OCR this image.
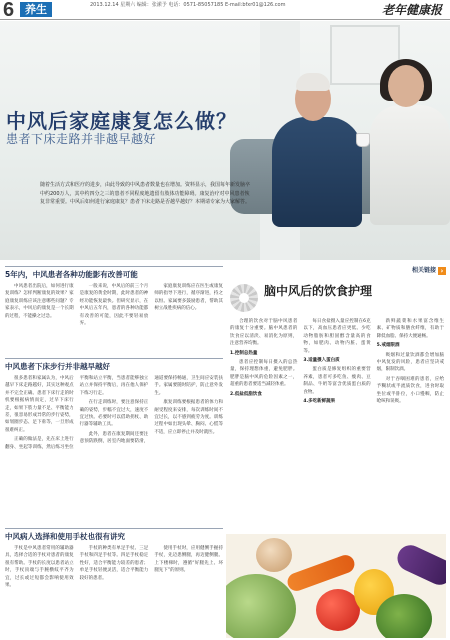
6 养生	2013.12.14 星期六 编辑：张潆予 电话：0571-85057185 E-mail:bfxr01@126.com	老年健康报
中风后家庭康复怎么做？
患者下床走路并非越早越好
随着生活方式和医疗的进步，由此导致的中风患者数量也在增加。资料显示，我国每年新发脑卒中约200万人，其中约四分之三的患者不同程度地遗留有肢体功能障碍。康复治疗对中风患者恢复非常重要。中风后如何进行家庭康复？患者下床走路是否越早越好？本期请专家为大家解答。
5年内，中风患者各种功能影有改善可能

中风患者出院后，如何进行康复训练？怎样判断康复的效果？家庭康复训练应该注意哪些问题？专家表示，中风后的康复是一个长期的过程，不能操之过急。

一般来说，中风后的前三个月是康复的黄金时期，此时患者的神经功能恢复最快。但研究显示，在中风后五年内，患者的各种功能都有改善的可能，因此不要轻易放弃。

家庭康复训练应在医生或康复师的指导下进行，循序渐进，持之以恒。家属要多鼓励患者，帮助其树立战胜疾病的信心。

中风患者下床步行并非越早越好

很多患者和家属认为，中风后越早下床走路越好，其实这种观点并不完全正确。患者下床行走的时机要根据病情而定，过早下床行走，如果下肢力量不足、平衡能力差，很容易形成异常的步行姿势，如划圈步态、足下垂等，一旦形成很难纠正。

正确的做法是，先在床上进行翻身、坐起等训练，然后练习坐位平衡和站立平衡，当患者能够独立站立并保持平衡后，再在他人保护下练习行走。

在行走训练时，要注意保持正确的姿势，步幅不宜过大，速度不宜过快。必要时可以借助拐杖、助行器等辅助工具。

此外，患者在康复期间还要注意预防跌倒，居室内地面要防滑，通道要保持畅通，卫生间应安装扶手。家属要随时陪护，防止意外发生。

康复训练要根据患者的体力和耐受程度来安排，每次训练时间不宜过长，以不感到疲劳为度。训练过程中如出现头晕、胸闷、心慌等不适，应立即停止并及时就医。

中风病人选择和使用手杖也很有讲究

手杖是中风患者常用的辅助器具，选择合适的手杖对患者的康复很有帮助。手杖的长度以患者站立时，手杖顶端与手腕横纹平齐为宜，过长或过短都会影响使用效果。

手杖的种类有单足手杖、三足手杖和四足手杖等。四足手杖稳定性好，适合平衡能力较差的患者；单足手杖轻便灵活，适合平衡能力较好的患者。

使用手杖时，应用健侧手握持手杖，先迈患侧腿，再迈健侧腿。上下楼梯时，遵循“好腿先上、坏腿先下”的原则。

相关链接 ›
脑中风后的饮食护理

合理的饮食对于脑中风患者的康复十分重要。脑中风患者的饮食应以清淡、易消化为原则，注意营养均衡。

1.控制总热量

患者应控制每日摄入的总热量，保持理想体重，避免肥胖。肥胖是脑中风的危险因素之一，超重的患者要适当减轻体重。

2.低盐低脂饮食

每日食盐摄入量应控制在6克以下，高血压患者应更低。少吃动物脂肪和胆固醇含量高的食物，如肥肉、动物内脏、蛋黄等。

3.适量摄入蛋白质

蛋白质是修复组织的重要营养素，患者可多吃鱼、瘦肉、豆制品、牛奶等富含优质蛋白质的食物。

4.多吃新鲜蔬果

新鲜蔬菜和水果富含维生素、矿物质和膳食纤维，有助于降低血脂、保持大便通畅。

5.戒烟限酒

吸烟和过量饮酒都会增加脑中风复发的风险，患者应坚决戒烟，限制饮酒。

对于吞咽困难的患者，应给予糊状或半流质饮食，进食时取坐位或半卧位，小口慢咽，防止呛咳和误吸。
